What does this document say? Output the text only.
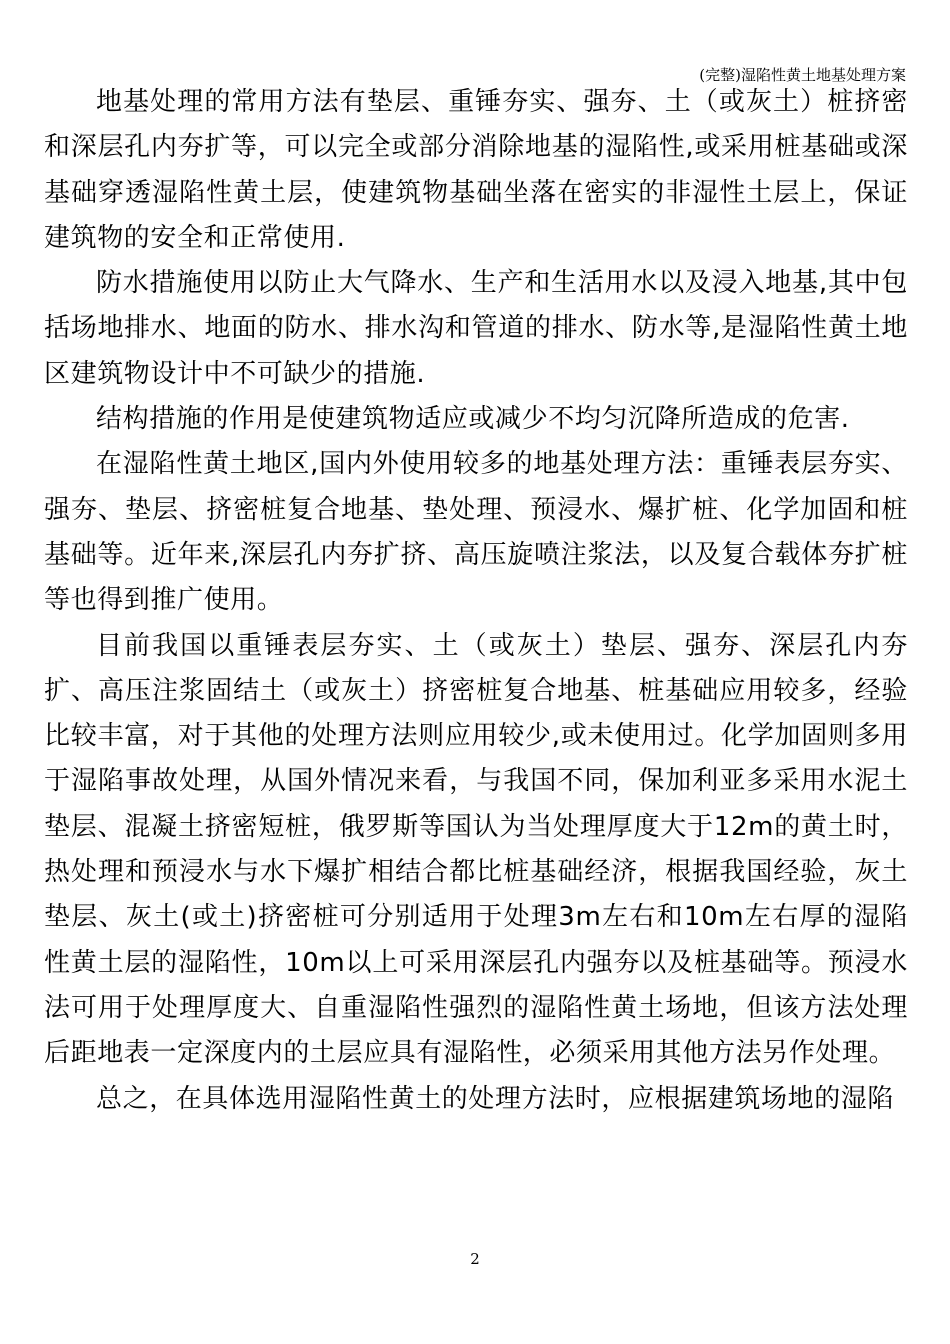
(完整)湿陷性黄土地基处理方案

地基处理的常用方法有垫层、重锤夯实、强夯、土（或灰土）桩挤密和深层孔内夯扩等，可以完全或部分消除地基的湿陷性,或采用桩基础或深基础穿透湿陷性黄土层，使建筑物基础坐落在密实的非湿性土层上，保证建筑物的安全和正常使用.

防水措施使用以防止大气降水、生产和生活用水以及浸入地基,其中包括场地排水、地面的防水、排水沟和管道的排水、防水等,是湿陷性黄土地区建筑物设计中不可缺少的措施.

结构措施的作用是使建筑物适应或减少不均匀沉降所造成的危害.

在湿陷性黄土地区,国内外使用较多的地基处理方法：重锤表层夯实、强夯、垫层、挤密桩复合地基、垫处理、预浸水、爆扩桩、化学加固和桩基础等。近年来,深层孔内夯扩挤、高压旋喷注浆法，以及复合载体夯扩桩等也得到推广使用。

目前我国以重锤表层夯实、土（或灰土）垫层、强夯、深层孔内夯扩、高压注浆固结土（或灰土）挤密桩复合地基、桩基础应用较多，经验比较丰富，对于其他的处理方法则应用较少,或未使用过。化学加固则多用于湿陷事故处理，从国外情况来看，与我国不同，保加利亚多采用水泥土垫层、混凝土挤密短桩，俄罗斯等国认为当处理厚度大于12m的黄土时，热处理和预浸水与水下爆扩相结合都比桩基础经济，根据我国经验，灰土垫层、灰土(或土)挤密桩可分别适用于处理3m左右和10m左右厚的湿陷性黄土层的湿陷性，10m以上可采用深层孔内强夯以及桩基础等。预浸水法可用于处理厚度大、自重湿陷性强烈的湿陷性黄土场地，但该方法处理后距地表一定深度内的土层应具有湿陷性，必须采用其他方法另作处理。

总之，在具体选用湿陷性黄土的处理方法时，应根据建筑场地的湿陷

2
